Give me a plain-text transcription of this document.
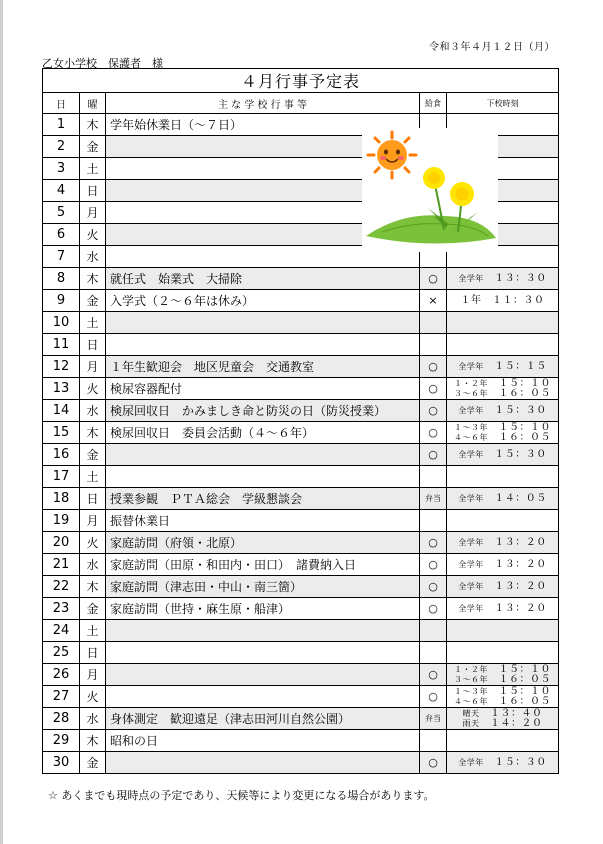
令和３年４月１２日（月）
乙女小学校　保護者　様
４月行事予定表				
日	曜	主 な 学 校 行 事 等	給食	下校時刻
1	木	学年始休業日（～７日）		
2	金			
3	土			
4	日			
5	月			
6	火			
7	水			
8	木	就任式　始業式　大掃除	○	全学年　 １３：３０

9	金	入学式（２～６年は休み）	×	１年　１１：３０

10	土			
11	日			
12	月	１年生歓迎会　地区児童会　交通教室	○	全学年　 １５：１５

13	火	検尿容器配付	○	１・２年　 １５：１０
３～６年　 １６：０５

14	水	検尿回収日　かみましき命と防災の日（防災授業）	○	全学年　 １５：３０

15	木	検尿回収日　委員会活動（４～６年）	○	１～３年　 １５：１０
４～６年　 １６：０５

16	金		○	全学年　 １５：３０

17	土			
18	日	授業参観　ＰＴＡ総会　学級懇談会	弁当	全学年　 １４：０５

19	月	振替休業日		
20	火	家庭訪問（府領・北原）	○	全学年　 １３：２０

21	水	家庭訪問（田原・和田内・田口）　諸費納入日	○	全学年　 １３：２０

22	木	家庭訪問（津志田・中山・南三箇）	○	全学年　 １３：２０

23	金	家庭訪問（世持・麻生原・船津）	○	全学年　 １３：２０

24	土			
25	日			
26	月		○	１・２年　 １５：１０
３～６年　 １６：０５

27	火		○	１～３年　 １５：１０
４～６年　 １６：０５

28	水	身体測定　歓迎遠足（津志田河川自然公園）	弁当	晴天　 １３：４０
雨天　 １４：２０

29	木	昭和の日		
30	金		○	全学年　 １５：３０
☆ あくまでも現時点の予定であり、天候等により変更になる場合があります。
